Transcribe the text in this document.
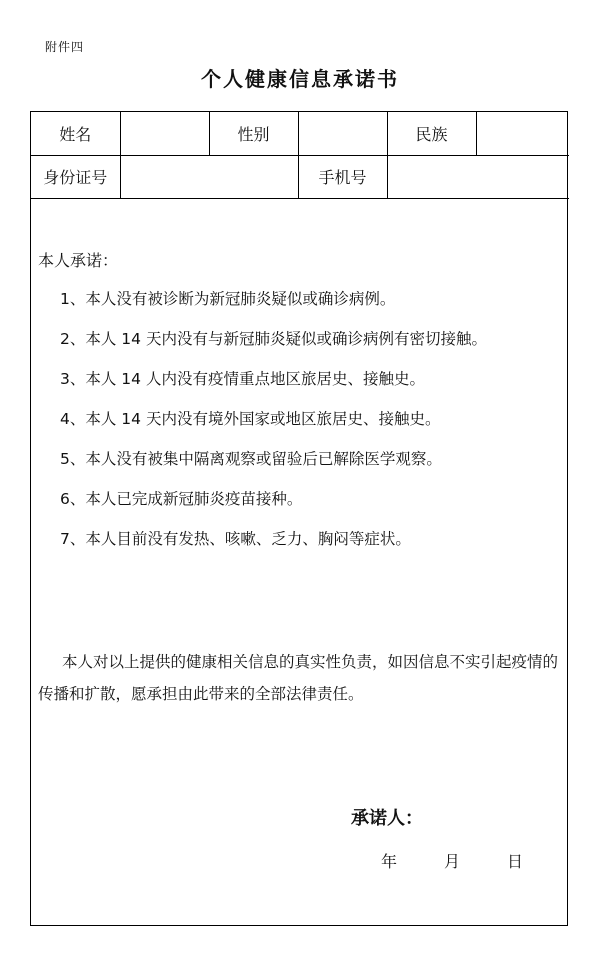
附件四
个人健康信息承诺书
姓名		性别		民族	
身份证号			手机号		
本人承诺：
1、本人没有被诊断为新冠肺炎疑似或确诊病例。
2、本人 14 天内没有与新冠肺炎疑似或确诊病例有密切接触。
3、本人 14 人内没有疫情重点地区旅居史、接触史。
4、本人 14 天内没有境外国家或地区旅居史、接触史。
5、本人没有被集中隔离观察或留验后已解除医学观察。
6、本人已完成新冠肺炎疫苗接种。
7、本人目前没有发热、咳嗽、乏力、胸闷等症状。
本人对以上提供的健康相关信息的真实性负责，如因信息不实引起疫情的传播和扩散，愿承担由此带来的全部法律责任。
承诺人：
年	月	日
